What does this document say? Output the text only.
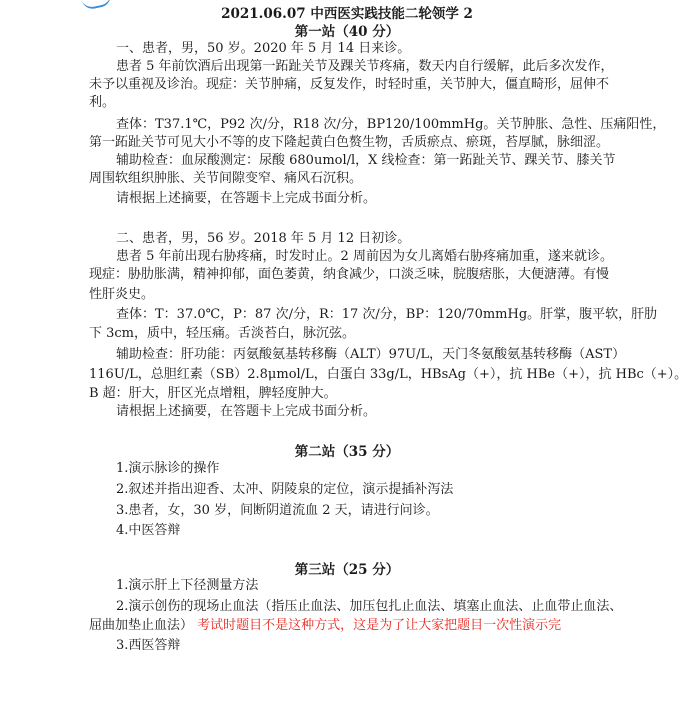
2021.06.07 中西医实践技能二轮领学 2
第一站（40 分）
一、患者，男，50 岁。2020 年 5 月 14 日来诊。
患者 5 年前饮酒后出现第一跖趾关节及踝关节疼痛，数天内自行缓解，此后多次发作，
未予以重视及诊治。现症：关节肿痛，反复发作，时轻时重，关节肿大，僵直畸形，屈伸不
利。
查体：T37.1℃，P92 次/分，R18 次/分，BP120/100mmHg。关节肿胀、急性、压痛阳性，
第一跖趾关节可见大小不等的皮下隆起黄白色赘生物，舌质瘀点、瘀斑，苔厚腻，脉细涩。
辅助检查：血尿酸测定：尿酸 680umol/l，X 线检查：第一跖趾关节、踝关节、膝关节
周围软组织肿胀、关节间隙变窄、痛风石沉积。
请根据上述摘要，在答题卡上完成书面分析。
二、患者，男，56 岁。2018 年 5 月 12 日初诊。
患者 5 年前出现右胁疼痛，时发时止。2 周前因为女儿离婚右胁疼痛加重，遂来就诊。
现症：胁肋胀满，精神抑郁，面色萎黄，纳食减少，口淡乏味，脘腹痞胀，大便溏薄。有慢
性肝炎史。
查体：T：37.0℃，P：87 次/分，R：17 次/分，BP：120/70mmHg。肝掌，腹平软，肝肋
下 3cm，质中，轻压痛。舌淡苔白，脉沉弦。
辅助检查：肝功能：丙氨酸氨基转移酶（ALT）97U/L，天门冬氨酸氨基转移酶（AST）
116U/L，总胆红素（SB）2.8μmol/L，白蛋白 33g/L，HBsAg（+），抗 HBe（+），抗 HBc（+）。
B 超：肝大，肝区光点增粗，脾轻度肿大。
请根据上述摘要，在答题卡上完成书面分析。
第二站（35 分）
1.演示脉诊的操作
2.叙述并指出迎香、太冲、阴陵泉的定位，演示提插补泻法
3.患者，女，30 岁，间断阴道流血 2 天，请进行问诊。
4.中医答辩
第三站（25 分）
1.演示肝上下径测量方法
2.演示创伤的现场止血法（指压止血法、加压包扎止血法、填塞止血法、止血带止血法、
屈曲加垫止血法） 考试时题目不是这种方式，这是为了让大家把题目一次性演示完
3.西医答辩
